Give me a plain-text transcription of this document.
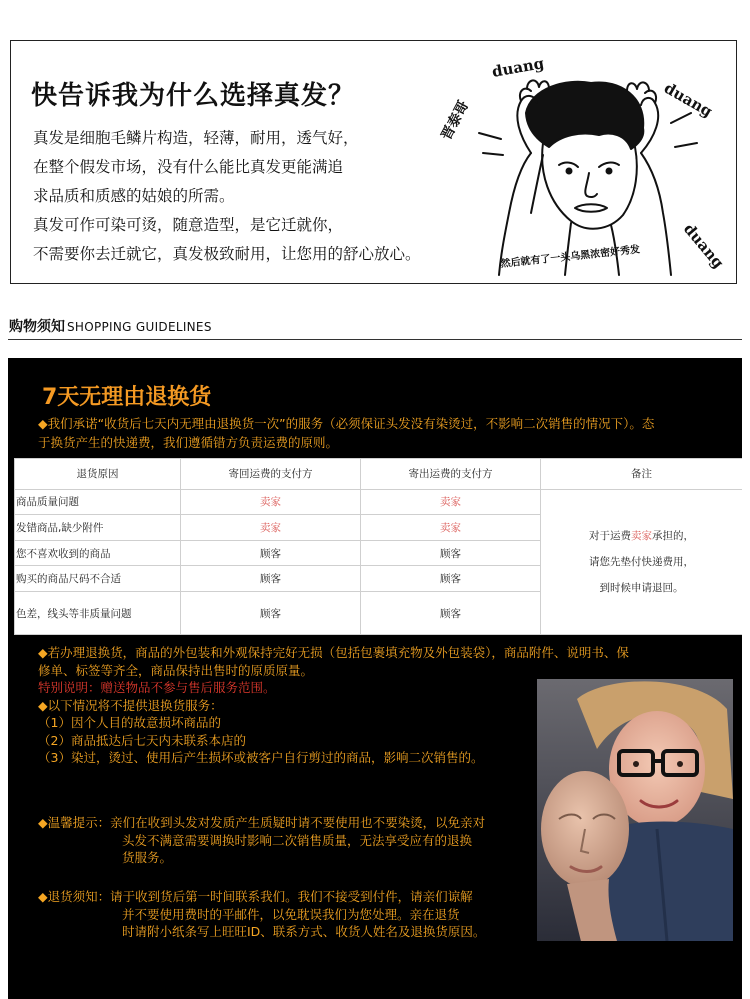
快告诉我为什么选择真发？
真发是细胞毛鳞片构造，轻薄，耐用，透气好，
在整个假发市场，没有什么能比真发更能满追
求品质和质感的姑娘的所需。
真发可作可染可烫，随意造型，是它迁就你，
不需要你去迁就它，真发极致耐用，让您用的舒心放心。
duang
duang
duang
晋泰哥
然后就有了一头乌黑浓密好秀发
购物须知 SHOPPING GUIDELINES
7天无理由退换货
◆我们承诺“收货后七天内无理由退换货一次”的服务（必须保证头发没有染烫过，不影响二次销售的情况下）。态
于换货产生的快递费，我们遵循错方负责运费的原则。
退货原因	寄回运费的支付方	寄出运费的支付方	备注
商品质量问题	卖家	卖家	对于运费卖家承担的，
请您先垫付快递费用，
到时候申请退回。

发错商品,缺少附件	卖家	卖家	
您不喜欢收到的商品	顾客	顾客	
购买的商品尺码不合适	顾客	顾客	
色差，线头等非质量问题	顾客	顾客	
◆若办理退换货，商品的外包装和外观保持完好无损（包括包裹填充物及外包装袋），商品附件、说明书、保
修单、标签等齐全，商品保持出售时的原质原量。
特别说明：赠送物品不参与售后服务范围。
◆以下情况将不提供退换货服务：
（1）因个人目的故意损坏商品的
（2）商品抵达后七天内未联系本店的
（3）染过，烫过、使用后产生损坏或被客户自行剪过的商品，影响二次销售的。
◆温馨提示：亲们在收到头发对发质产生质疑时请不要使用也不要染烫，以免亲对
头发不满意需要调换时影响二次销售质量，无法享受应有的退换
货服务。
◆退货须知：请于收到货后第一时间联系我们。我们不接受到付件，请亲们谅解
并不要使用费时的平邮件，以免耽误我们为您处理。亲在退货
时请附小纸条写上旺旺ID、联系方式、收货人姓名及退换货原因。
